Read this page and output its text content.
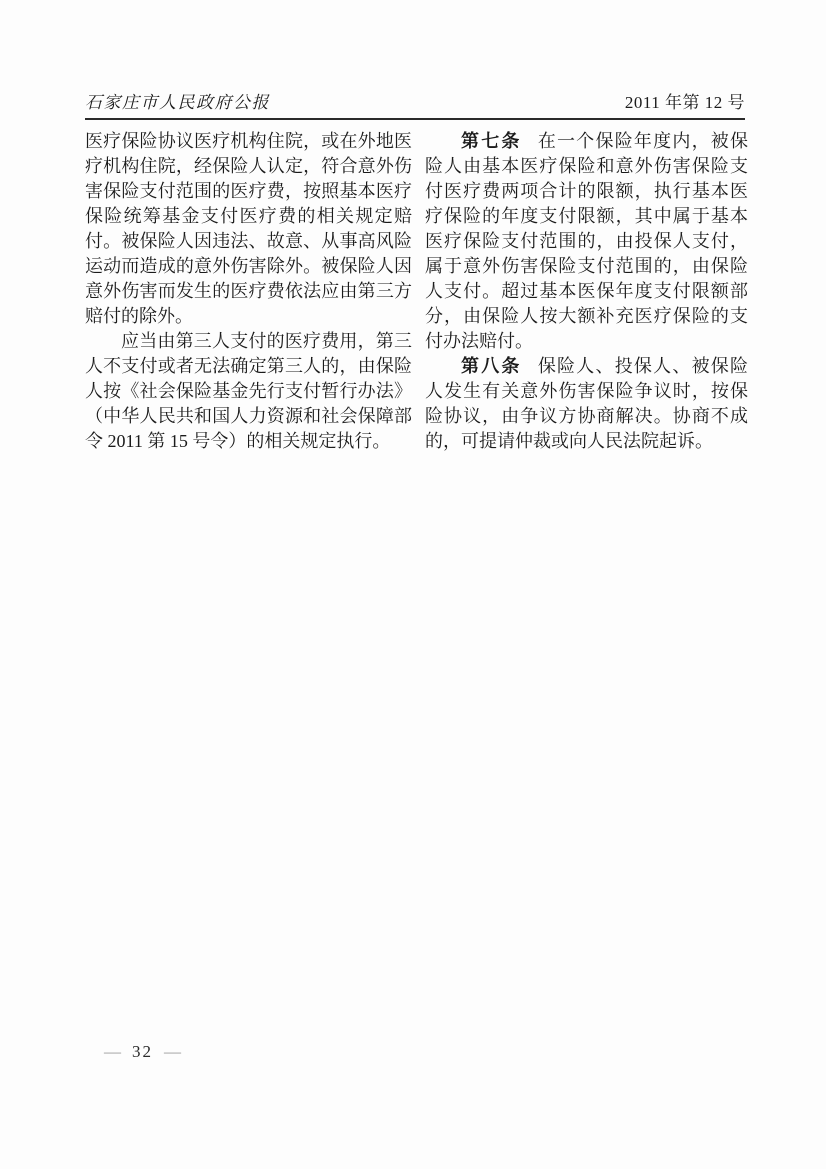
石家庄市人民政府公报	2011 年第 12 号

医疗保险协议医疗机构住院，或在外地医疗机构住院，经保险人认定，符合意外伤害保险支付范围的医疗费，按照基本医疗保险统筹基金支付医疗费的相关规定赔付。被保险人因违法、故意、从事高风险运动而造成的意外伤害除外。被保险人因意外伤害而发生的医疗费依法应由第三方赔付的除外。

应当由第三人支付的医疗费用，第三人不支付或者无法确定第三人的，由保险人按《社会保险基金先行支付暂行办法》（中华人民共和国人力资源和社会保障部令 2011 第 15 号令）的相关规定执行。

第七条 在一个保险年度内，被保险人由基本医疗保险和意外伤害保险支付医疗费两项合计的限额，执行基本医疗保险的年度支付限额，其中属于基本医疗保险支付范围的，由投保人支付，属于意外伤害保险支付范围的，由保险人支付。超过基本医保年度支付限额部分，由保险人按大额补充医疗保险的支付办法赔付。

第八条 保险人、投保人、被保险人发生有关意外伤害保险争议时，按保险协议，由争议方协商解决。协商不成的，可提请仲裁或向人民法院起诉。

— 32 —
